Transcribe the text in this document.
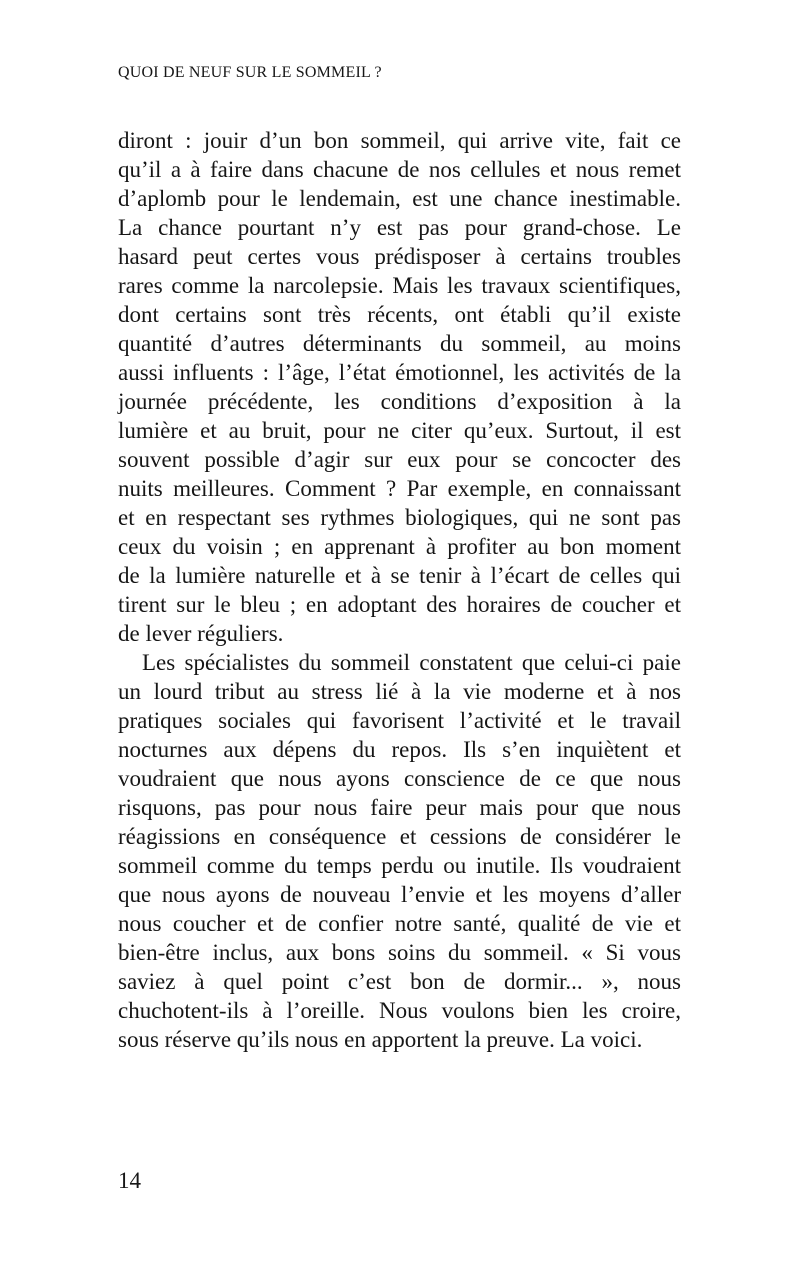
QUOI DE NEUF SUR LE SOMMEIL ?
diront : jouir d’un bon sommeil, qui arrive vite, fait ce
qu’il a à faire dans chacune de nos cellules et nous remet
d’aplomb pour le lendemain, est une chance inestimable.
La chance pourtant n’y est pas pour grand-chose. Le
hasard peut certes vous prédisposer à certains troubles
rares comme la narcolepsie. Mais les travaux scientifiques,
dont certains sont très récents, ont établi qu’il existe
quantité d’autres déterminants du sommeil, au moins
aussi influents : l’âge, l’état émotionnel, les activités de la
journée précédente, les conditions d’exposition à la
lumière et au bruit, pour ne citer qu’eux. Surtout, il est
souvent possible d’agir sur eux pour se concocter des
nuits meilleures. Comment ? Par exemple, en connaissant
et en respectant ses rythmes biologiques, qui ne sont pas
ceux du voisin ; en apprenant à profiter au bon moment
de la lumière naturelle et à se tenir à l’écart de celles qui
tirent sur le bleu ; en adoptant des horaires de coucher et
de lever réguliers.
Les spécialistes du sommeil constatent que celui-ci paie
un lourd tribut au stress lié à la vie moderne et à nos
pratiques sociales qui favorisent l’activité et le travail
nocturnes aux dépens du repos. Ils s’en inquiètent et
voudraient que nous ayons conscience de ce que nous
risquons, pas pour nous faire peur mais pour que nous
réagissions en conséquence et cessions de considérer le
sommeil comme du temps perdu ou inutile. Ils voudraient
que nous ayons de nouveau l’envie et les moyens d’aller
nous coucher et de confier notre santé, qualité de vie et
bien-être inclus, aux bons soins du sommeil. « Si vous
saviez à quel point c’est bon de dormir... », nous
chuchotent-ils à l’oreille. Nous voulons bien les croire,
sous réserve qu’ils nous en apportent la preuve. La voici.
14
